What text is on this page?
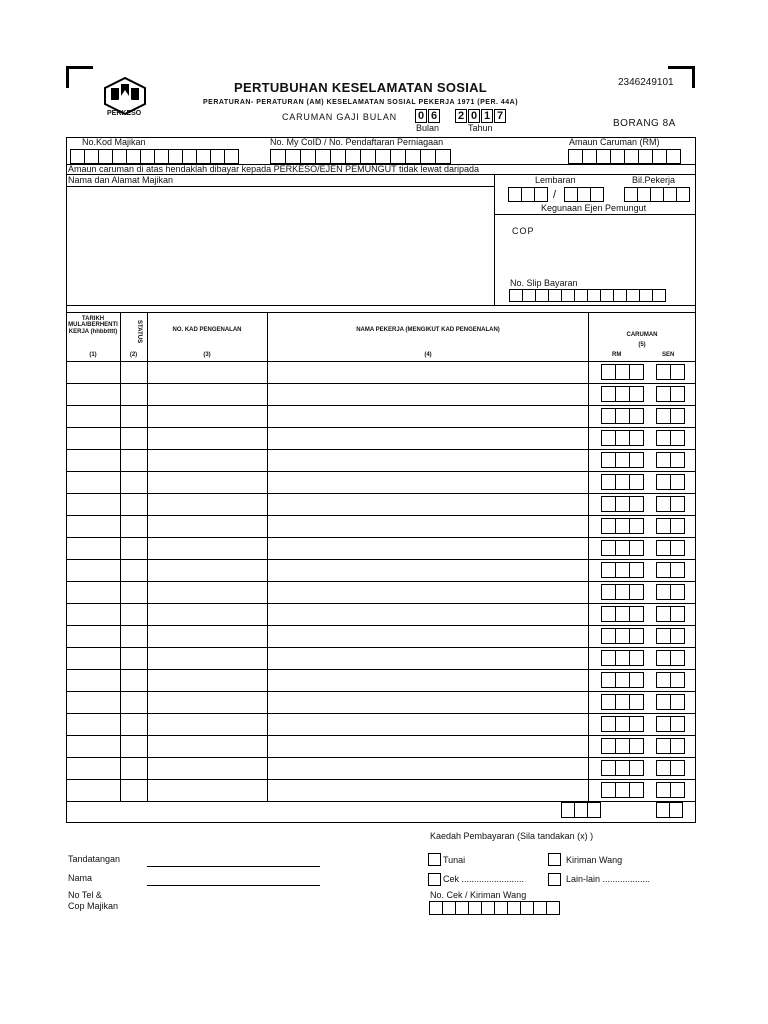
PERKESO
PERTUBUHAN KESELAMATAN SOSIAL	2346249101
PERATURAN- PERATURAN (AM) KESELAMATAN SOSIAL PEKERJA 1971 (PER. 44A)
CARUMAN GAJI BULAN 0 6 2 0 1 7
Bulan	Tahun	BORANG 8A
No.Kod Majikan	No. My CoID / No. Pendaftaran Perniagaan	Amaun Caruman (RM)
Amaun caruman di atas hendaklah dibayar kepada PERKESO/EJEN PEMUNGUT tidak lewat daripada
Nama dan Alamat Majikan	Lembaran	Bil.Pekerja
/
Kegunaan Ejen Pemungut
COP
No. Slip Bayaran
TARIKH MULA/BERHENTI KERJA (hhbbtttt)	STATUS	NO. KAD PENGENALAN	NAMA PEKERJA (MENGIKUT KAD PENGENALAN)
CARUMAN
(5)
(1)	(2)	(3)	(4)	RM	SEN
Kaedah Pembayaran (Sila tandakan (x) )
Tandatangan
Nama
No Tel &
Cop Majikan
Tunai	Kiriman Wang
Cek .........................	Lain-lain ...................
No. Cek / Kiriman Wang
